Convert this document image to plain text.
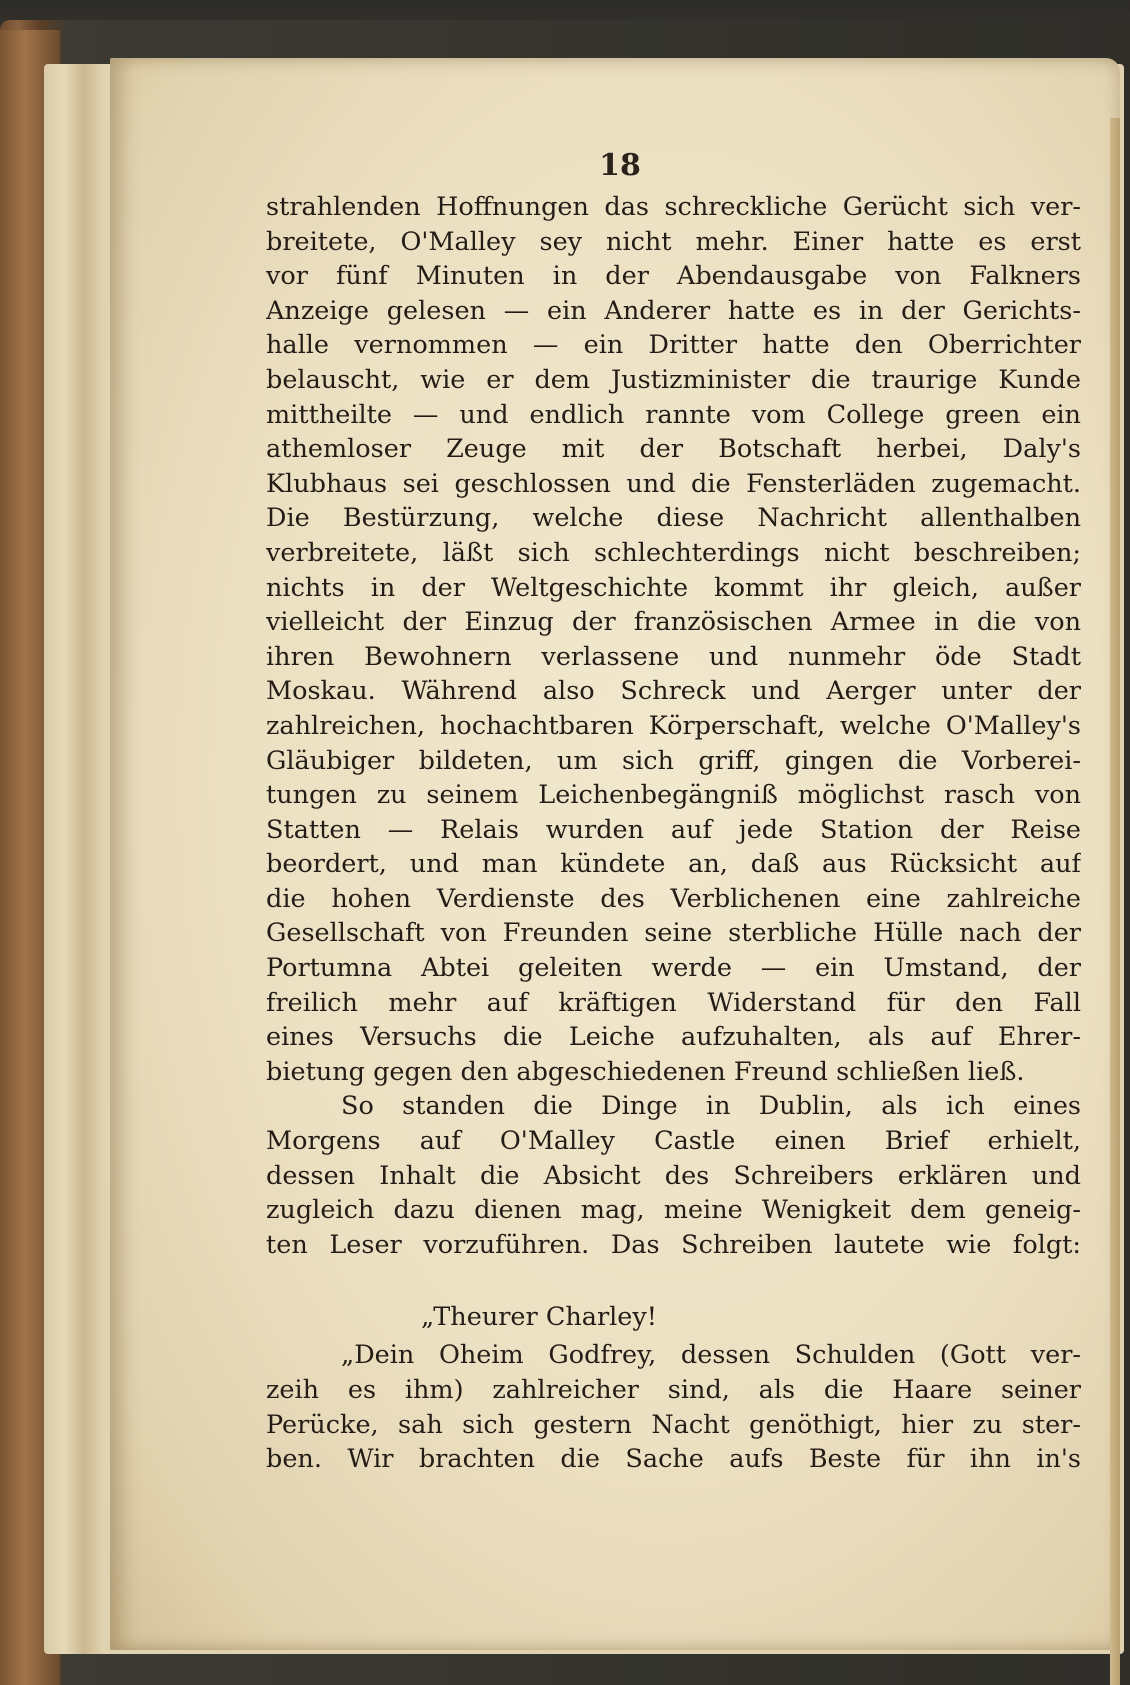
18
strahlenden Hoffnungen das schreckliche Gerücht sich ver-
breitete, O'Malley sey nicht mehr. Einer hatte es erst
vor fünf Minuten in der Abendausgabe von Falkners
Anzeige gelesen — ein Anderer hatte es in der Gerichts-
halle vernommen — ein Dritter hatte den Oberrichter
belauscht, wie er dem Justizminister die traurige Kunde
mittheilte — und endlich rannte vom College green ein
athemloser Zeuge mit der Botschaft herbei, Daly's
Klubhaus sei geschlossen und die Fensterläden zugemacht.
Die Bestürzung, welche diese Nachricht allenthalben
verbreitete, läßt sich schlechterdings nicht beschreiben;
nichts in der Weltgeschichte kommt ihr gleich, außer
vielleicht der Einzug der französischen Armee in die von
ihren Bewohnern verlassene und nunmehr öde Stadt
Moskau. Während also Schreck und Aerger unter der
zahlreichen, hochachtbaren Körperschaft, welche O'Malley's
Gläubiger bildeten, um sich griff, gingen die Vorberei-
tungen zu seinem Leichenbegängniß möglichst rasch von
Statten — Relais wurden auf jede Station der Reise
beordert, und man kündete an, daß aus Rücksicht auf
die hohen Verdienste des Verblichenen eine zahlreiche
Gesellschaft von Freunden seine sterbliche Hülle nach der
Portumna Abtei geleiten werde — ein Umstand, der
freilich mehr auf kräftigen Widerstand für den Fall
eines Versuchs die Leiche aufzuhalten, als auf Ehrer-
bietung gegen den abgeschiedenen Freund schließen ließ.
So standen die Dinge in Dublin, als ich eines
Morgens auf O'Malley Castle einen Brief erhielt,
dessen Inhalt die Absicht des Schreibers erklären und
zugleich dazu dienen mag, meine Wenigkeit dem geneig-
ten Leser vorzuführen. Das Schreiben lautete wie folgt:
„Theurer Charley!
„Dein Oheim Godfrey, dessen Schulden (Gott ver-
zeih es ihm) zahlreicher sind, als die Haare seiner
Perücke, sah sich gestern Nacht genöthigt, hier zu ster-
ben. Wir brachten die Sache aufs Beste für ihn in's
